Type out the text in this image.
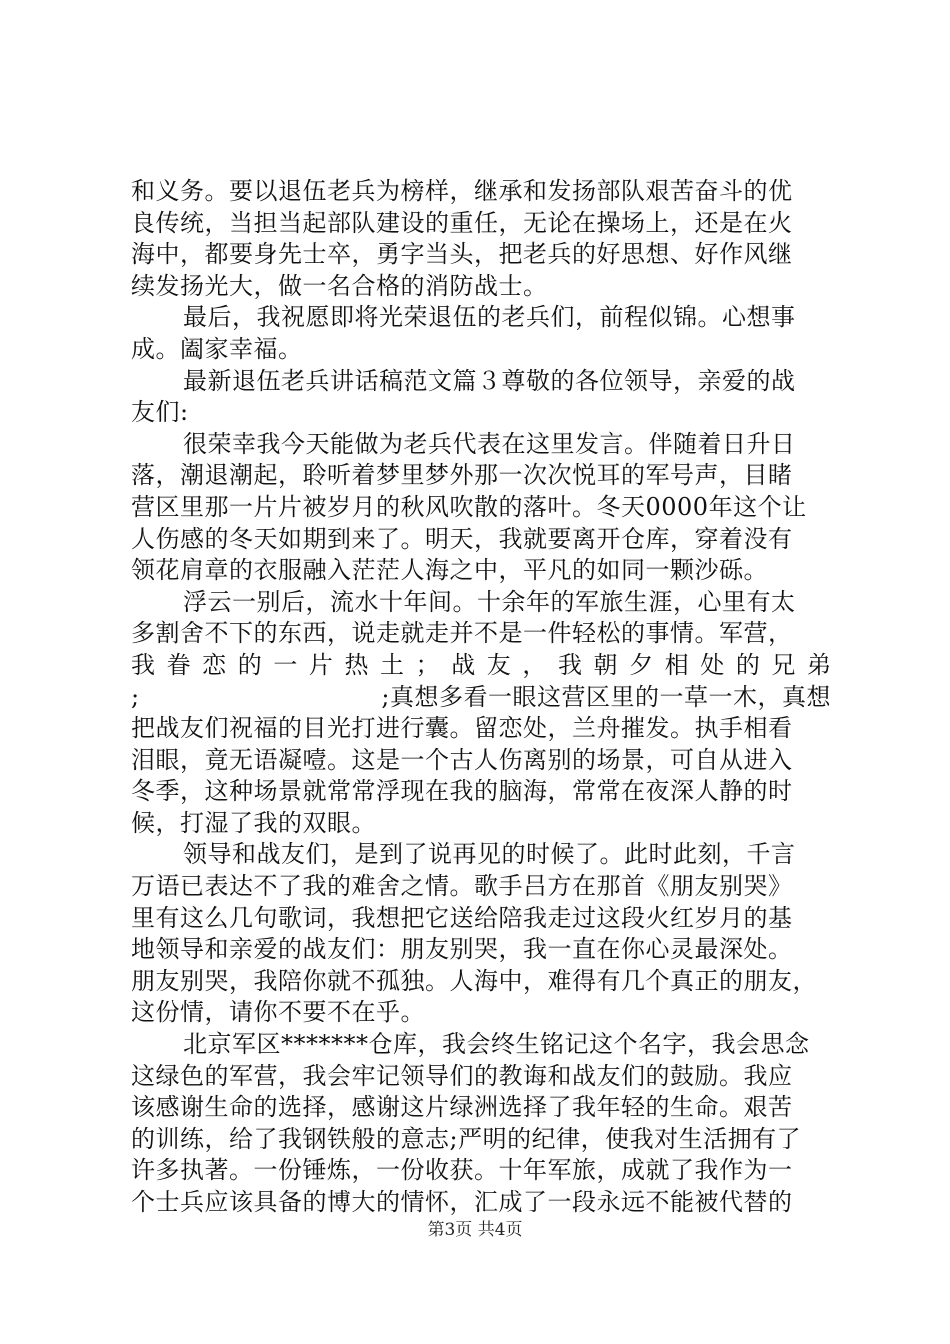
和义务。要以退伍老兵为榜样，继承和发扬部队艰苦奋斗的优
良传统，当担当起部队建设的重任，无论在操场上，还是在火
海中，都要身先士卒，勇字当头，把老兵的好思想、好作风继
续发扬光大，做一名合格的消防战士。
最后，我祝愿即将光荣退伍的老兵们，前程似锦。心想事
成。阖家幸福。
最新退伍老兵讲话稿范文篇３尊敬的各位领导，亲爱的战
友们:
很荣幸我今天能做为老兵代表在这里发言。伴随着日升日
落，潮退潮起，聆听着梦里梦外那一次次悦耳的军号声，目睹
营区里那一片片被岁月的秋风吹散的落叶。冬天0000年这个让
人伤感的冬天如期到来了。明天，我就要离开仓库，穿着没有
领花肩章的衣服融入茫茫人海之中，平凡的如同一颗沙砾。
浮云一别后，流水十年间。十余年的军旅生涯，心里有太
多割舍不下的东西，说走就走并不是一件轻松的事情。军营，
我 眷 恋 的 一 片 热 土 ； 战 友 ， 我 朝 夕 相 处 的 兄 弟
;	;真想多看一眼这营区里的一草一木，真想
把战友们祝福的目光打进行囊。留恋处，兰舟摧发。执手相看
泪眼，竟无语凝噎。这是一个古人伤离别的场景，可自从进入
冬季，这种场景就常常浮现在我的脑海，常常在夜深人静的时
候，打湿了我的双眼。
领导和战友们，是到了说再见的时候了。此时此刻，千言
万语已表达不了我的难舍之情。歌手吕方在那首《朋友别哭》
里有这么几句歌词，我想把它送给陪我走过这段火红岁月的基
地领导和亲爱的战友们：朋友别哭，我一直在你心灵最深处。
朋友别哭，我陪你就不孤独。人海中，难得有几个真正的朋友，
这份情，请你不要不在乎。
北京军区*******仓库，我会终生铭记这个名字，我会思念
这绿色的军营，我会牢记领导们的教诲和战友们的鼓励。我应
该感谢生命的选择，感谢这片绿洲选择了我年轻的生命。艰苦
的训练，给了我钢铁般的意志;严明的纪律，使我对生活拥有了
许多执著。一份锤炼，一份收获。十年军旅，成就了我作为一
个士兵应该具备的博大的情怀，汇成了一段永远不能被代替的
第3页 共4页
